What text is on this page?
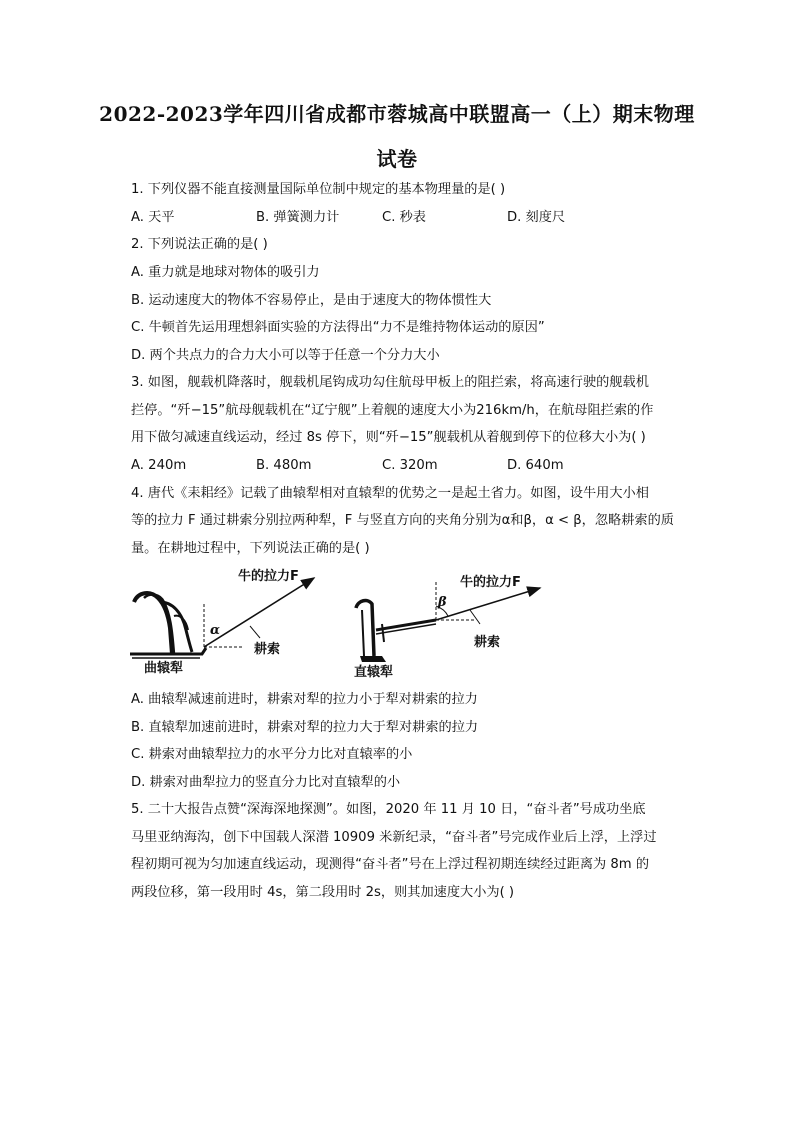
2022-2023学年四川省成都市蓉城高中联盟高一（上）期末物理
试卷
1. 下列仪器不能直接测量国际单位制中规定的基本物理量的是( )
A. 天平	B. 弹簧测力计	C. 秒表	D. 刻度尺
2. 下列说法正确的是( )
A. 重力就是地球对物体的吸引力
B. 运动速度大的物体不容易停止，是由于速度大的物体惯性大
C. 牛顿首先运用理想斜面实验的方法得出“力不是维持物体运动的原因”
D. 两个共点力的合力大小可以等于任意一个分力大小
3. 如图，舰载机降落时，舰载机尾钩成功勾住航母甲板上的阻拦索，将高速行驶的舰载机
拦停。“歼−15”航母舰载机在“辽宁舰”上着舰的速度大小为216km/h，在航母阻拦索的作
用下做匀减速直线运动，经过 8s 停下，则“歼−15”舰载机从着舰到停下的位移大小为( )
A. 240m	B. 480m	C. 320m	D. 640m
4. 唐代《耒耜经》记载了曲辕犁相对直辕犁的优势之一是起土省力。如图，设牛用大小相
等的拉力 F 通过耕索分别拉两种犁，F 与竖直方向的夹角分别为α和β，α < β，忽略耕索的质
量。在耕地过程中，下列说法正确的是( )
α
牛的拉力F
耕索
曲辕犁
β
牛的拉力F
耕索
直辕犁
A. 曲辕犁减速前进时，耕索对犁的拉力小于犁对耕索的拉力
B. 直辕犁加速前进时，耕索对犁的拉力大于犁对耕索的拉力
C. 耕索对曲辕犁拉力的水平分力比对直辕率的小
D. 耕索对曲犁拉力的竖直分力比对直辕犁的小
5. 二十大报告点赞“深海深地探测”。如图，2020 年 11 月 10 日，“奋斗者”号成功坐底
马里亚纳海沟，创下中国载人深潜 10909 米新纪录，“奋斗者”号完成作业后上浮，上浮过
程初期可视为匀加速直线运动，现测得“奋斗者”号在上浮过程初期连续经过距离为 8m 的
两段位移，第一段用时 4s，第二段用时 2s，则其加速度大小为( )
